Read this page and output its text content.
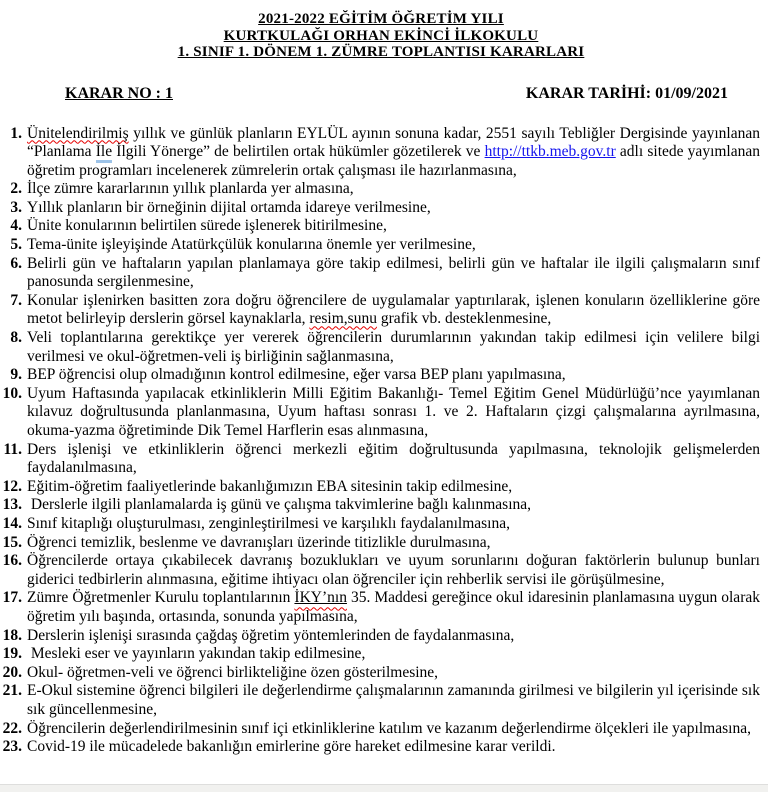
2021-2022 EĞİTİM ÖĞRETİM YILI
KURTKULAĞI ORHAN EKİNCİ İLKOKULU
1. SINIF 1. DÖNEM 1. ZÜMRE TOPLANTISI KARARLARI
KARAR NO : 1	KARAR TARİHİ: 01/09/2021
1. Ünitelendirilmiş yıllık ve günlük planların EYLÜL ayının sonuna kadar, 2551 sayılı Tebliğler Dergisinde yayınlanan “Planlama İle İlgili Yönerge” de belirtilen ortak hükümler gözetilerek ve http://ttkb.meb.gov.tr adlı sitede yayımlanan öğretim programları incelenerek zümrelerin ortak çalışması ile hazırlanmasına,
2. İlçe zümre kararlarının yıllık planlarda yer almasına,
3. Yıllık planların bir örneğinin dijital ortamda idareye verilmesine,
4. Ünite konularının belirtilen sürede işlenerek bitirilmesine,
5. Tema-ünite işleyişinde Atatürkçülük konularına önemle yer verilmesine,
6. Belirli gün ve haftaların yapılan planlamaya göre takip edilmesi, belirli gün ve haftalar ile ilgili çalışmaların sınıf panosunda sergilenmesine,
7. Konular işlenirken basitten zora doğru öğrencilere de uygulamalar yaptırılarak, işlenen konuların özelliklerine göre metot belirleyip derslerin görsel kaynaklarla, resim,sunu grafik vb. desteklenmesine,
8. Veli toplantılarına gerektikçe yer vererek öğrencilerin durumlarının yakından takip edilmesi için velilere bilgi verilmesi ve okul-öğretmen-veli iş birliğinin sağlanmasına,
9. BEP öğrencisi olup olmadığının kontrol edilmesine, eğer varsa BEP planı yapılmasına,
10. Uyum Haftasında yapılacak etkinliklerin Milli Eğitim Bakanlığı- Temel Eğitim Genel Müdürlüğü’nce yayımlanan kılavuz doğrultusunda planlanmasına, Uyum haftası sonrası 1. ve 2. Haftaların çizgi çalışmalarına ayrılmasına, okuma-yazma öğretiminde Dik Temel Harflerin esas alınmasına,
11. Ders işlenişi ve etkinliklerin öğrenci merkezli eğitim doğrultusunda yapılmasına, teknolojik gelişmelerden faydalanılmasına,
12. Eğitim-öğretim faaliyetlerinde bakanlığımızın EBA sitesinin takip edilmesine,
13. Derslerle ilgili planlamalarda iş günü ve çalışma takvimlerine bağlı kalınmasına,
14. Sınıf kitaplığı oluşturulması, zenginleştirilmesi ve karşılıklı faydalanılmasına,
15. Öğrenci temizlik, beslenme ve davranışları üzerinde titizlikle durulmasına,
16. Öğrencilerde ortaya çıkabilecek davranış bozuklukları ve uyum sorunlarını doğuran faktörlerin bulunup bunları giderici tedbirlerin alınmasına, eğitime ihtiyacı olan öğrenciler için rehberlik servisi ile görüşülmesine,
17. Zümre Öğretmenler Kurulu toplantılarının İKY’nın 35. Maddesi gereğince okul idaresinin planlamasına uygun olarak öğretim yılı başında, ortasında, sonunda yapılmasına,
18. Derslerin işlenişi sırasında çağdaş öğretim yöntemlerinden de faydalanmasına,
19. Mesleki eser ve yayınların yakından takip edilmesine,
20. Okul- öğretmen-veli ve öğrenci birlikteliğine özen gösterilmesine,
21. E-Okul sistemine öğrenci bilgileri ile değerlendirme çalışmalarının zamanında girilmesi ve bilgilerin yıl içerisinde sık sık güncellenmesine,
22. Öğrencilerin değerlendirilmesinin sınıf içi etkinliklerine katılım ve kazanım değerlendirme ölçekleri ile yapılmasına,
23. Covid-19 ile mücadelede bakanlığın emirlerine göre hareket edilmesine karar verildi.
